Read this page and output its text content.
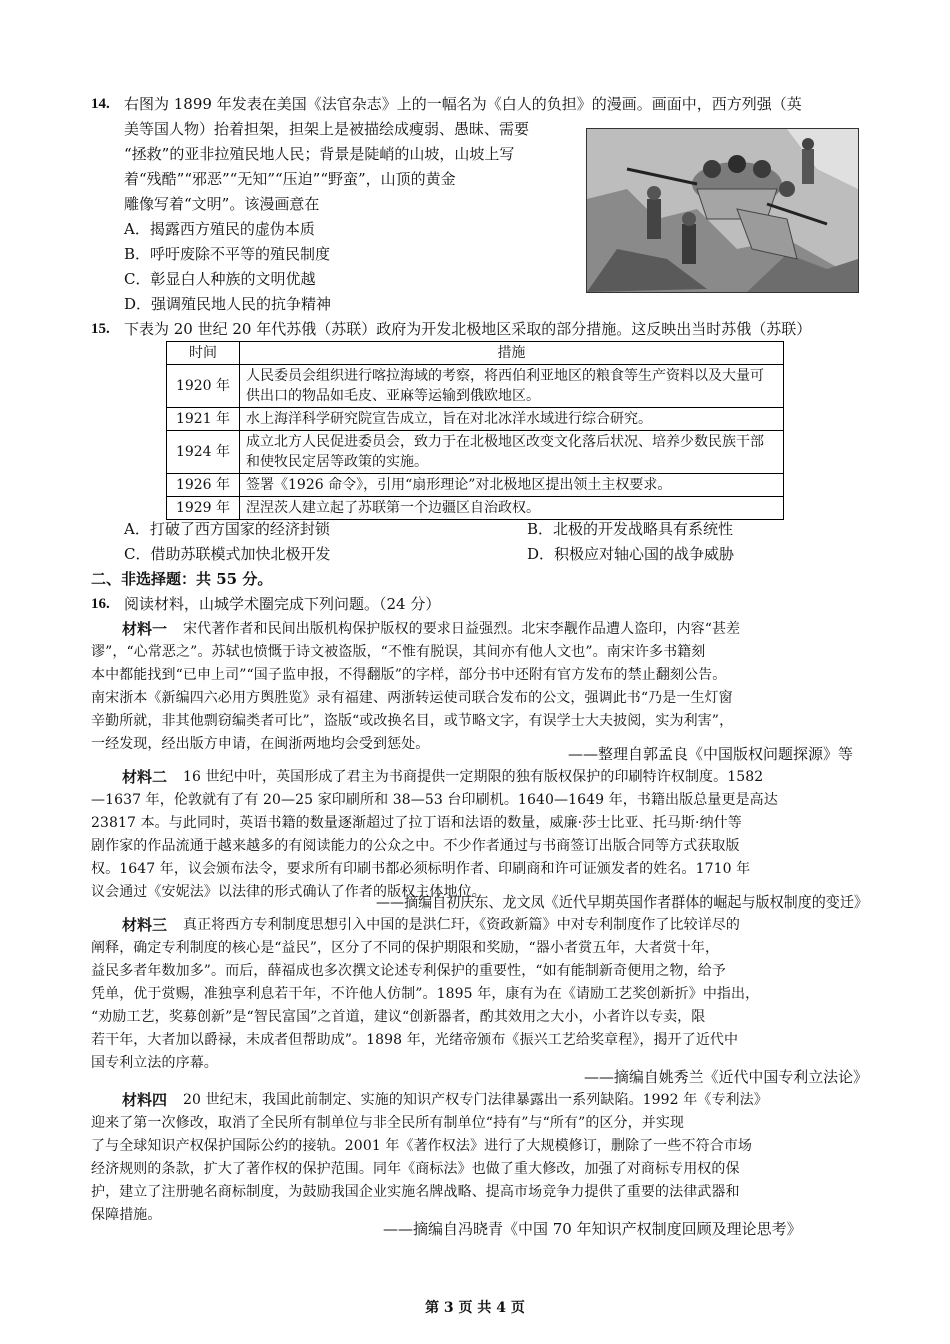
14. 右图为 1899 年发表在美国《法官杂志》上的一幅名为《白人的负担》的漫画。画面中，西方列强（英
美等国人物）抬着担架，担架上是被描绘成瘦弱、愚昧、需要
“拯救”的亚非拉殖民地人民；背景是陡峭的山坡，山坡上写
着“残酷”“邪恶”“无知”“压迫”“野蛮”，山顶的黄金
雕像写着“文明”。该漫画意在
A．揭露西方殖民的虚伪本质
B．呼吁废除不平等的殖民制度
C．彰显白人种族的文明优越
D．强调殖民地人民的抗争精神
15. 下表为 20 世纪 20 年代苏俄（苏联）政府为开发北极地区采取的部分措施。这反映出当时苏俄（苏联）
时间	措施
1920 年	人民委员会组织进行喀拉海域的考察，将西伯利亚地区的粮食等生产资料以及大量可供出口的物品如毛皮、亚麻等运输到俄欧地区。
1921 年	水上海洋科学研究院宣告成立，旨在对北冰洋水域进行综合研究。
1924 年	成立北方人民促进委员会，致力于在北极地区改变文化落后状况、培养少数民族干部和使牧民定居等政策的实施。
1926 年	签署《1926 命令》，引用“扇形理论”对北极地区提出领土主权要求。
1929 年	涅涅茨人建立起了苏联第一个边疆区自治政权。
A．打破了西方国家的经济封锁	B．北极的开发战略具有系统性
C．借助苏联模式加快北极开发	D．积极应对轴心国的战争威胁
二、非选择题：共 55 分。
16. 阅读材料，山城学术圈完成下列问题。（24 分）
材料一 宋代著作者和民间出版机构保护版权的要求日益强烈。北宋李觏作品遭人盗印，内容“甚差
谬”，“心常恶之”。苏轼也愤慨于诗文被盗版，“不惟有脱误，其间亦有他人文也”。南宋许多书籍刻
本中都能找到“已申上司”“国子监申报，不得翻版”的字样，部分书中还附有官方发布的禁止翻刻公告。
南宋浙本《新编四六必用方舆胜览》录有福建、两浙转运使司联合发布的公文，强调此书“乃是一生灯窗
辛勤所就，非其他剽窃编类者可比”，盗版“或改换名目，或节略文字，有误学士大夫披阅，实为利害”，
一经发现，经出版方申请，在闽浙两地均会受到惩处。
——整理自郭孟良《中国版权问题探源》等
材料二 16 世纪中叶，英国形成了君主为书商提供一定期限的独有版权保护的印刷特许权制度。1582
—1637 年，伦敦就有了有 20—25 家印刷所和 38—53 台印刷机。1640—1649 年，书籍出版总量更是高达
23817 本。与此同时，英语书籍的数量逐渐超过了拉丁语和法语的数量，威廉·莎士比亚、托马斯·纳什等
剧作家的作品流通于越来越多的有阅读能力的公众之中。不少作者通过与书商签订出版合同等方式获取版
权。1647 年，议会颁布法令，要求所有印刷书都必须标明作者、印刷商和许可证颁发者的姓名。1710 年
议会通过《安妮法》以法律的形式确认了作者的版权主体地位。
——摘编自初庆东、龙文凤《近代早期英国作者群体的崛起与版权制度的变迁》
材料三 真正将西方专利制度思想引入中国的是洪仁玕，《资政新篇》中对专利制度作了比较详尽的
阐释，确定专利制度的核心是“益民”，区分了不同的保护期限和奖励，“器小者赏五年，大者赏十年，
益民多者年数加多”。而后，薛福成也多次撰文论述专利保护的重要性，“如有能制新奇便用之物，给予
凭单，优于赏赐，准独享利息若干年，不许他人仿制”。1895 年，康有为在《请励工艺奖创新折》中指出，
“劝励工艺，奖募创新”是“智民富国”之首道，建议“创新器者，酌其效用之大小，小者许以专卖，限
若干年，大者加以爵禄，未成者但帮助成”。1898 年，光绪帝颁布《振兴工艺给奖章程》，揭开了近代中
国专利立法的序幕。
——摘编自姚秀兰《近代中国专利立法论》
材料四 20 世纪末，我国此前制定、实施的知识产权专门法律暴露出一系列缺陷。1992 年《专利法》
迎来了第一次修改，取消了全民所有制单位与非全民所有制单位“持有”与“所有”的区分，并实现
了与全球知识产权保护国际公约的接轨。2001 年《著作权法》进行了大规模修订，删除了一些不符合市场
经济规则的条款，扩大了著作权的保护范围。同年《商标法》也做了重大修改，加强了对商标专用权的保
护，建立了注册驰名商标制度，为鼓励我国企业实施名牌战略、提高市场竞争力提供了重要的法律武器和
保障措施。
——摘编自冯晓青《中国 70 年知识产权制度回顾及理论思考》
第 3 页 共 4 页
